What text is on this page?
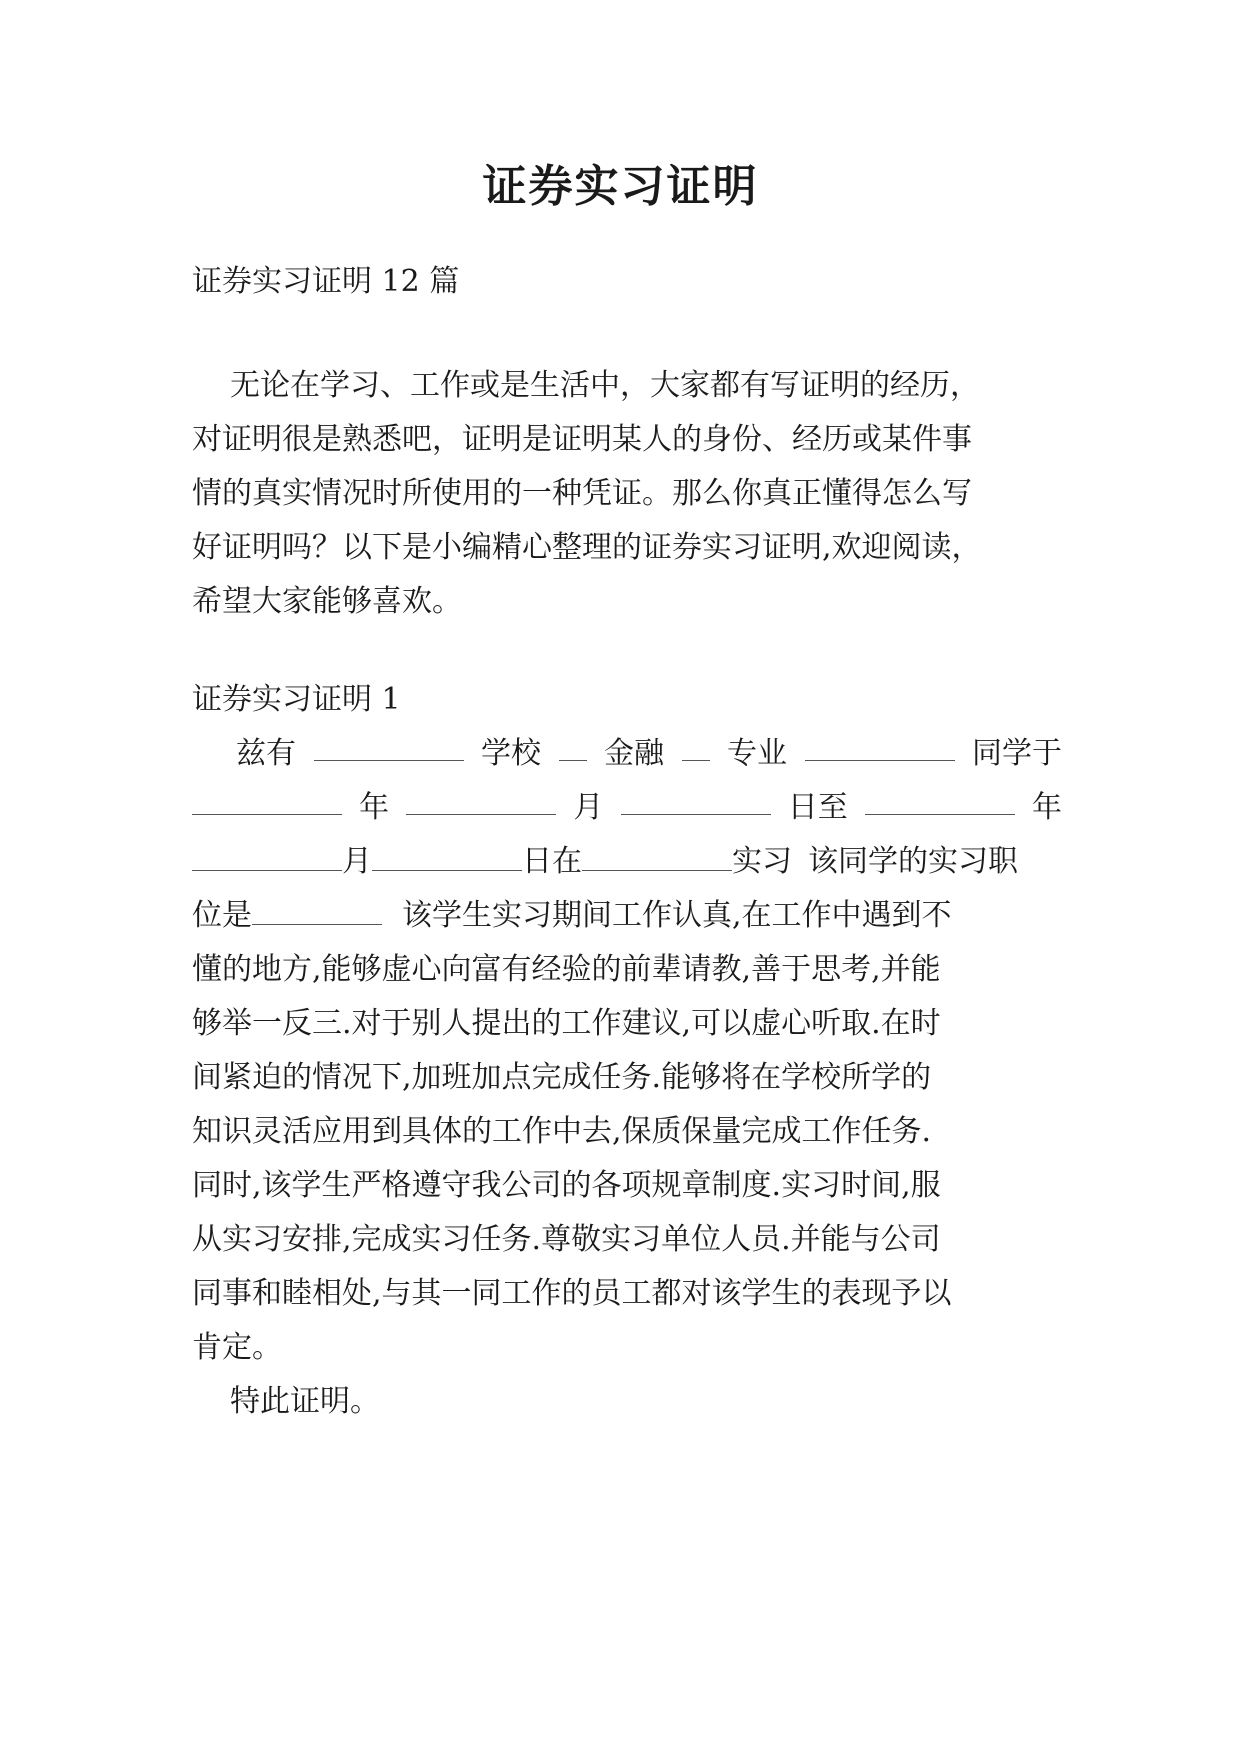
证券实习证明

证券实习证明 12 篇

无论在学习、工作或是生活中，大家都有写证明的经历，

对证明很是熟悉吧，证明是证明某人的身份、经历或某件事

情的真实情况时所使用的一种凭证。那么你真正懂得怎么写

好证明吗？以下是小编精心整理的证券实习证明,欢迎阅读，

希望大家能够喜欢。

证券实习证明 1

兹有	学校 金融 专业	同学于
年	月	日至	年
月	日在	实习 该同学的实习职
位是	该学生实习期间工作认真,在工作中遇到不

懂的地方,能够虚心向富有经验的前辈请教,善于思考,并能

够举一反三.对于别人提出的工作建议,可以虚心听取.在时

间紧迫的情况下,加班加点完成任务.能够将在学校所学的

知识灵活应用到具体的工作中去,保质保量完成工作任务.

同时,该学生严格遵守我公司的各项规章制度.实习时间,服

从实习安排,完成实习任务.尊敬实习单位人员.并能与公司

同事和睦相处,与其一同工作的员工都对该学生的表现予以

肯定。

特此证明。
